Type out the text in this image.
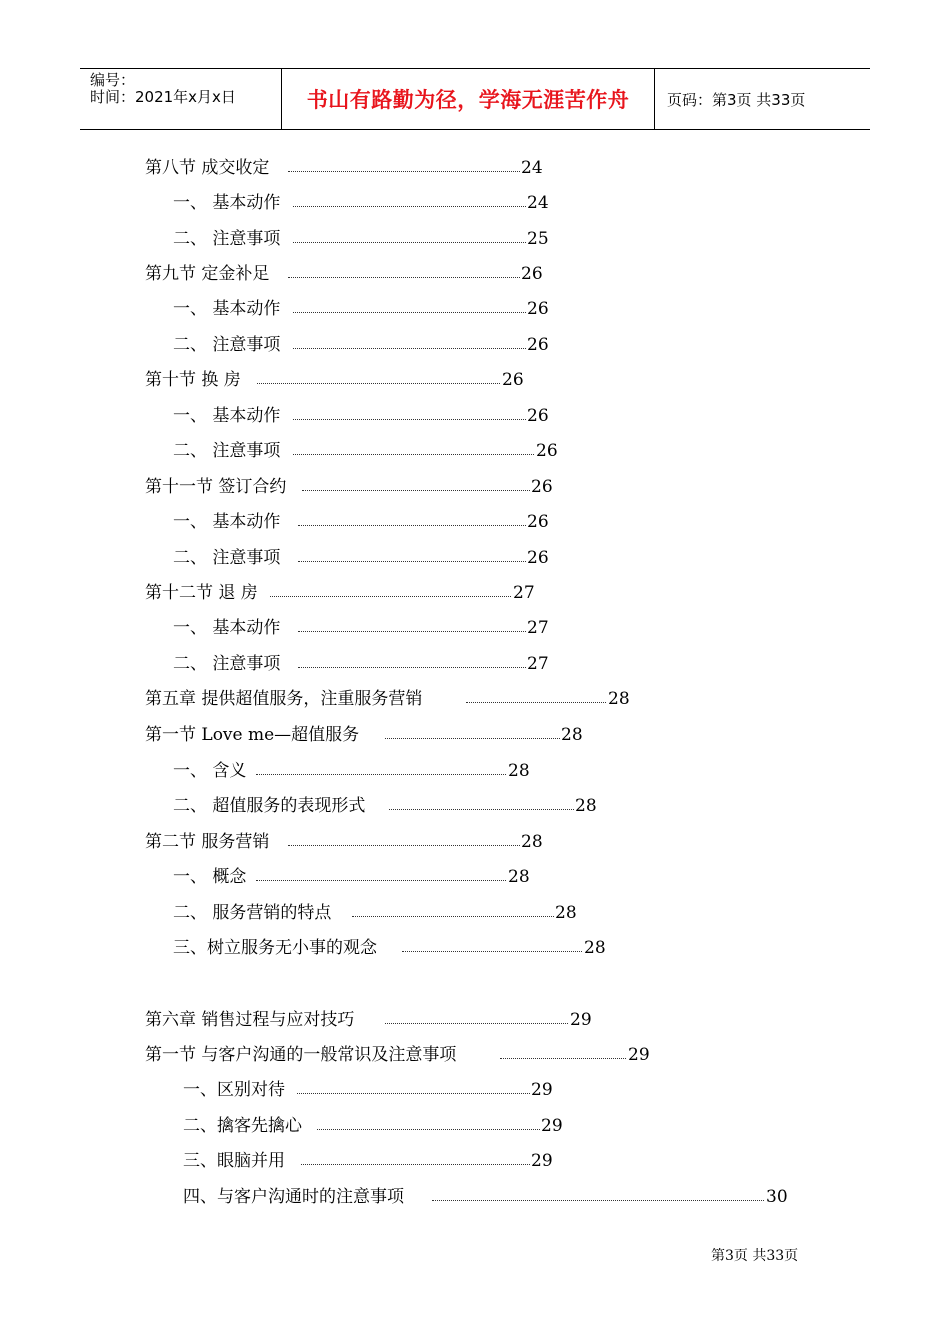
编号：
时间：2021年x月x日	书山有路勤为径，学海无涯苦作舟	页码：第3页 共33页
第八节 成交收定	24
一、 基本动作	24
二、 注意事项	25
第九节 定金补足	26
一、 基本动作	26
二、 注意事项	26
第十节 换 房	26
一、 基本动作	26
二、 注意事项	26
第十一节 签订合约	26
一、 基本动作	26
二、 注意事项	26
第十二节 退 房	27
一、 基本动作	27
二、 注意事项	27
第五章 提供超值服务，注重服务营销	28
第一节 Love me—超值服务	28
一、 含义	28
二、 超值服务的表现形式	28
第二节 服务营销	28
一、 概念	28
二、 服务营销的特点	28
三、树立服务无小事的观念	28
第六章 销售过程与应对技巧	29
第一节 与客户沟通的一般常识及注意事项	29
一、区别对待	29
二、擒客先擒心	29
三、眼脑并用	29
四、与客户沟通时的注意事项	30
第3页 共33页
